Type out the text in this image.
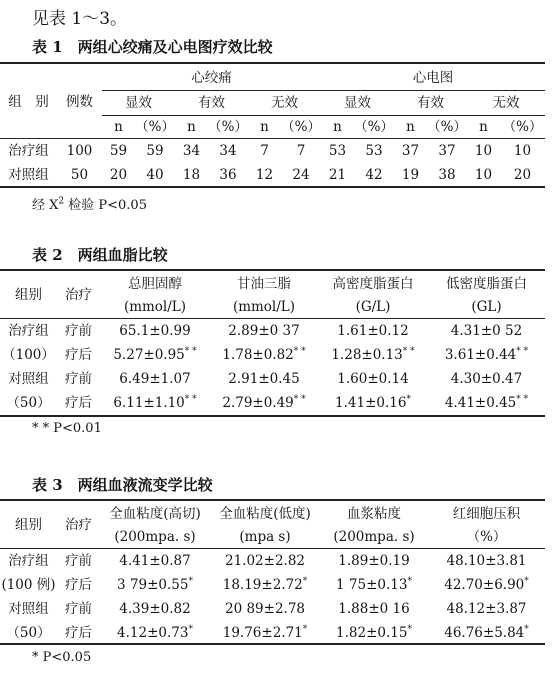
见表 1～3。
表 1　两组心绞痛及心电图疗效比较
组　别	例数	心绞痛						心电图					
		显效		有效		无效		显效		有效		无效	
		n	（%）	n	（%）	n	（%）	n	（%）	n	（%）	n	（%）
治疗组	100	59	59	34	34	7	7	53	53	37	37	10	10
对照组	50	20	40	18	36	12	24	21	42	19	38	10	20
经 $X^2$ 检验 P<0.05
表 2　两组血脂比较
组别	治疗	总胆固醇	甘油三脂	高密度脂蛋白	低密度脂蛋白
		(mmol/L)	(mmol/L)	(G/L)	(GL)
治疗组	疗前	65.1±0.99	2.89±0 37	1.61±0.12	4.31±0 52
（100）	疗后	5.27±0.95* *	1.78±0.82* *	1.28±0.13* *	3.61±0.44* *
对照组	疗前	6.49±1.07	2.91±0.45	1.60±0.14	4.30±0.47
（50）	疗后	6.11±1.10* *	2.79±0.49* *	1.41±0.16*	4.41±0.45* *
* * P<0.01
表 3　两组血液流变学比较
组别	治疗	全血粘度(高切)	全血粘度(低度)	血浆粘度	红细胞压积
		(200mpa. s)	(mpa s)	(200mpa. s)	（%）
治疗组	疗前	4.41±0.87	21.02±2.82	1.89±0.19	48.10±3.81
(100 例)	疗后	3 79±0.55*	18.19±2.72*	1 75±0.13*	42.70±6.90*
对照组	疗前	4.39±0.82	20 89±2.78	1.88±0 16	48.12±3.87
（50）	疗后	4.12±0.73*	19.76±2.71*	1.82±0.15*	46.76±5.84*
* P<0.05
